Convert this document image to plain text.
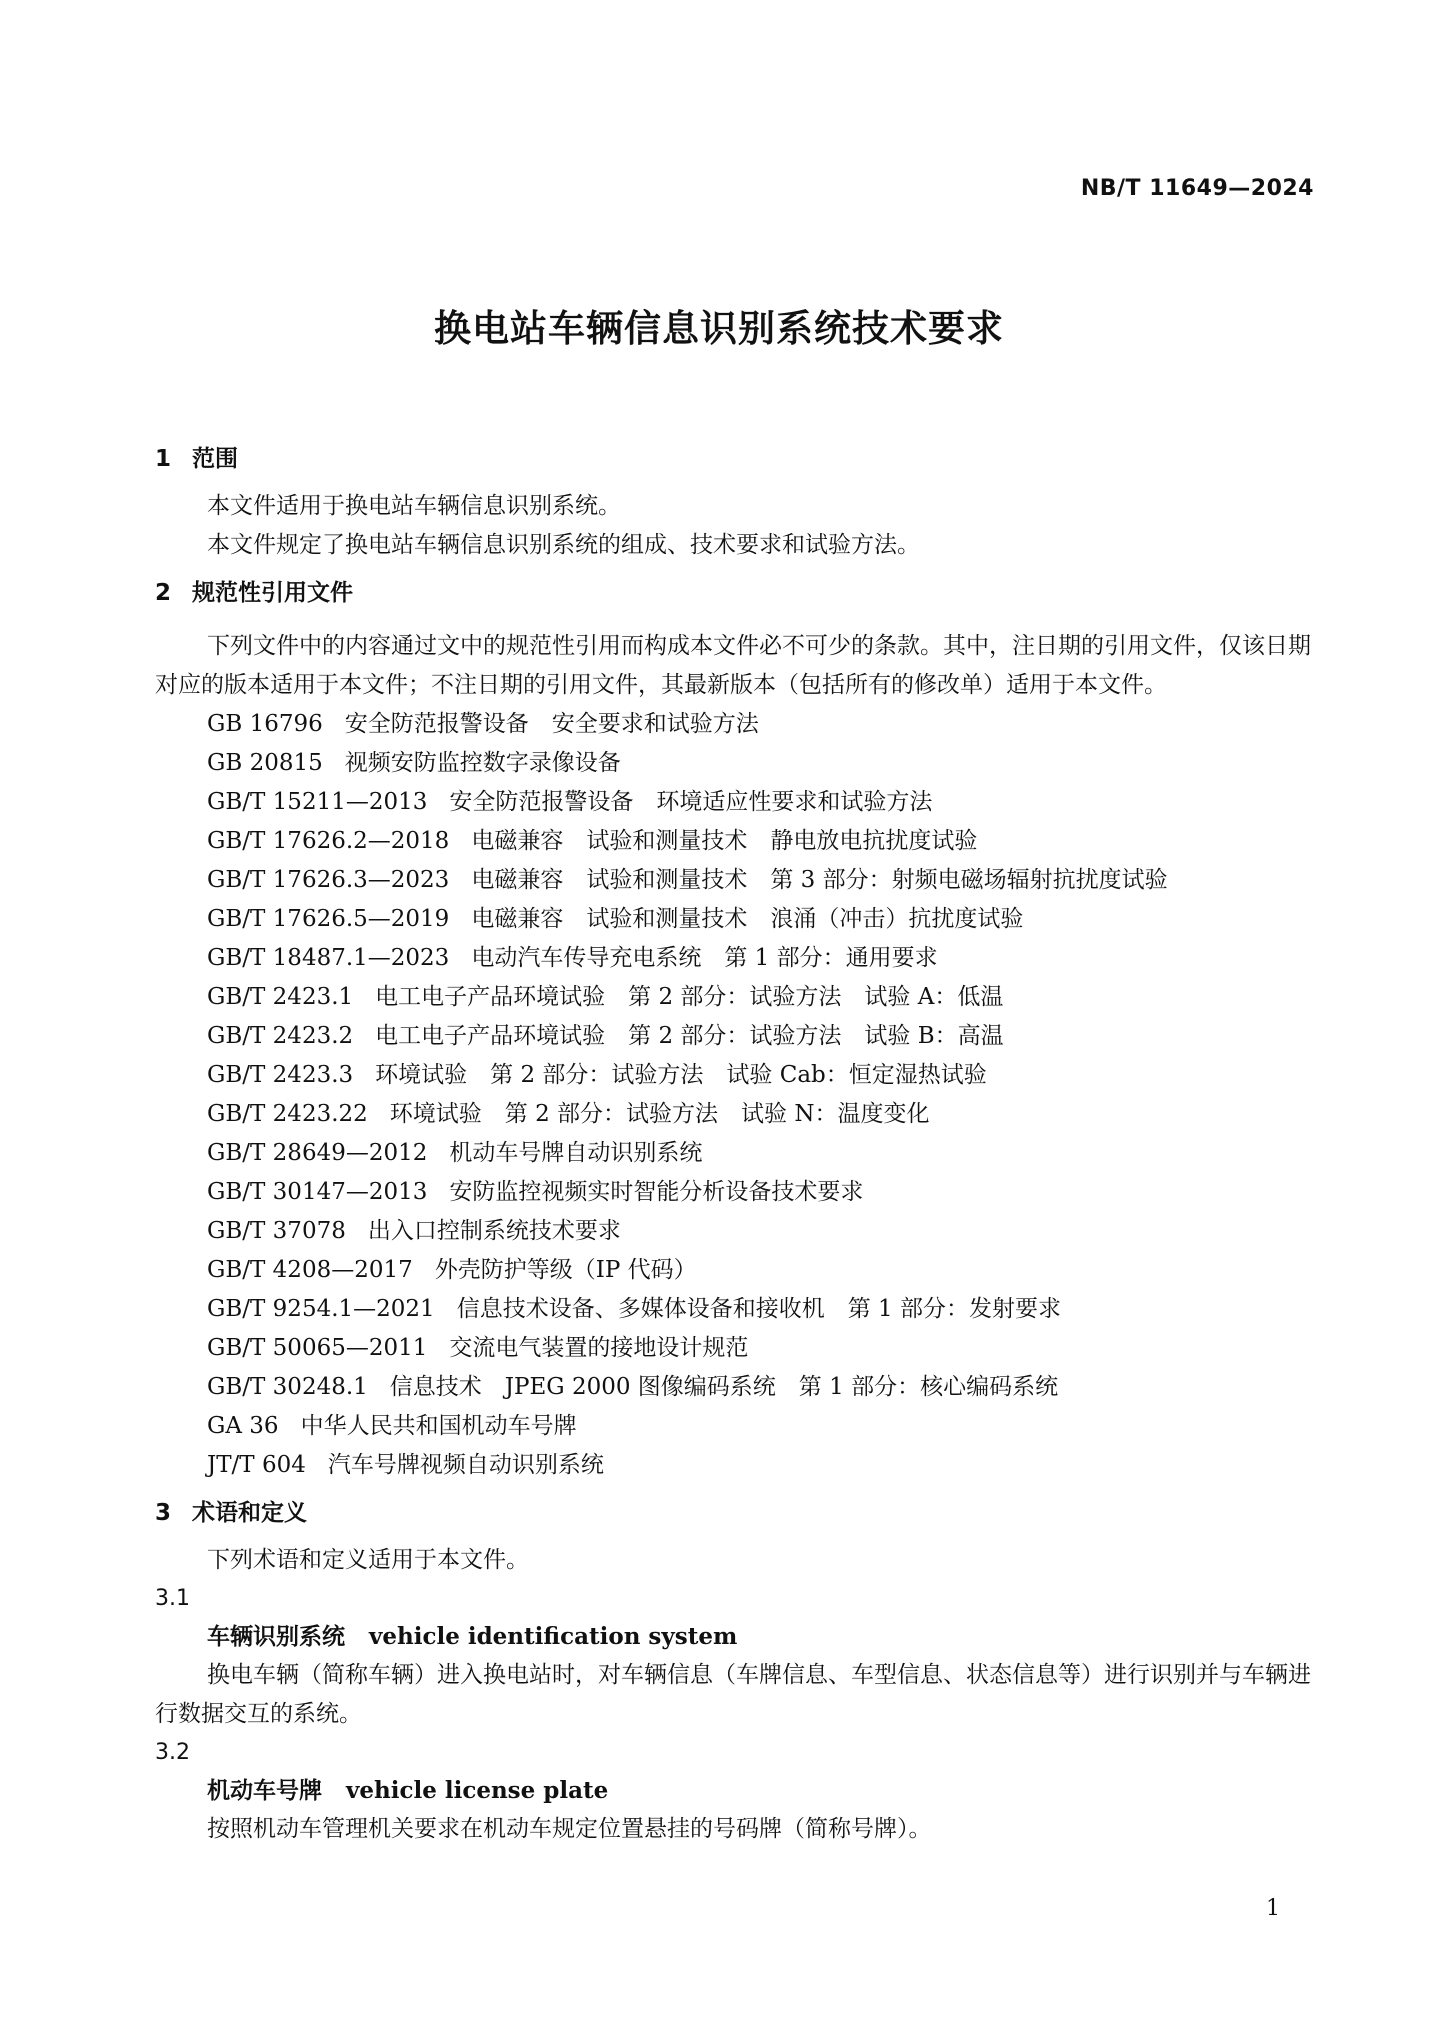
NB/T 11649—2024
换电站车辆信息识别系统技术要求
1 范围

本文件适用于换电站车辆信息识别系统。

本文件规定了换电站车辆信息识别系统的组成、技术要求和试验方法。

2 规范性引用文件

下列文件中的内容通过文中的规范性引用而构成本文件必不可少的条款。其中，注日期的引用文件，仅该日期对应的版本适用于本文件；不注日期的引用文件，其最新版本（包括所有的修改单）适用于本文件。

GB 16796 安全防范报警设备　安全要求和试验方法

GB 20815 视频安防监控数字录像设备

GB/T 15211—2013 安全防范报警设备　环境适应性要求和试验方法

GB/T 17626.2—2018 电磁兼容　试验和测量技术　静电放电抗扰度试验

GB/T 17626.3—2023 电磁兼容　试验和测量技术　第 3 部分：射频电磁场辐射抗扰度试验

GB/T 17626.5—2019 电磁兼容　试验和测量技术　浪涌（冲击）抗扰度试验

GB/T 18487.1—2023 电动汽车传导充电系统　第 1 部分：通用要求

GB/T 2423.1 电工电子产品环境试验　第 2 部分：试验方法　试验 A：低温

GB/T 2423.2 电工电子产品环境试验　第 2 部分：试验方法　试验 B：高温

GB/T 2423.3 环境试验　第 2 部分：试验方法　试验 Cab：恒定湿热试验

GB/T 2423.22 环境试验　第 2 部分：试验方法　试验 N：温度变化

GB/T 28649—2012 机动车号牌自动识别系统

GB/T 30147—2013 安防监控视频实时智能分析设备技术要求

GB/T 37078 出入口控制系统技术要求

GB/T 4208—2017 外壳防护等级（IP 代码）

GB/T 9254.1—2021 信息技术设备、多媒体设备和接收机　第 1 部分：发射要求

GB/T 50065—2011 交流电气装置的接地设计规范

GB/T 30248.1 信息技术　JPEG 2000 图像编码系统　第 1 部分：核心编码系统

GA 36 中华人民共和国机动车号牌

JT/T 604 汽车号牌视频自动识别系统

3 术语和定义

下列术语和定义适用于本文件。

3.1

车辆识别系统 vehicle identification system

换电车辆（简称车辆）进入换电站时，对车辆信息（车牌信息、车型信息、状态信息等）进行识别并与车辆进行数据交互的系统。

3.2

机动车号牌 vehicle license plate

按照机动车管理机关要求在机动车规定位置悬挂的号码牌（简称号牌）。

1
